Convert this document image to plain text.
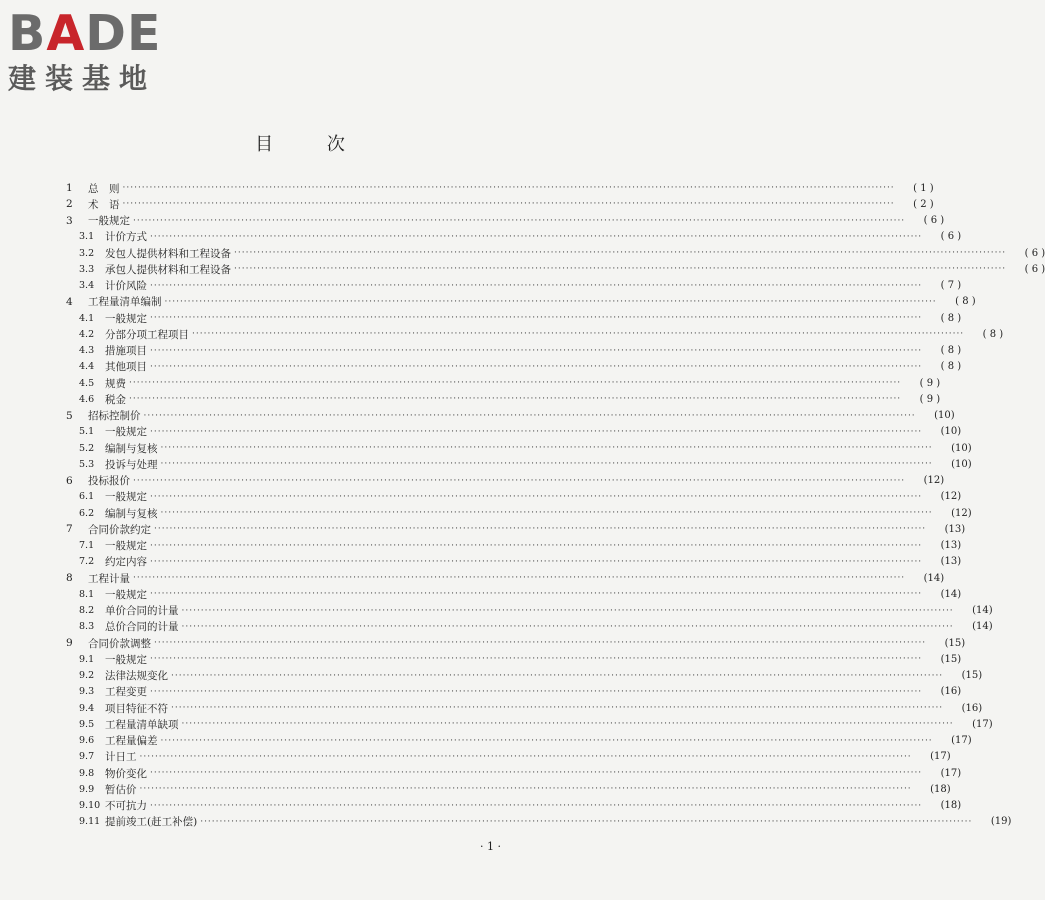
BADE
建装基地
目 次
1	总　则 ········································································································································································································	( 1 )
2	术　语 ········································································································································································································	( 2 )
3	一般规定 ········································································································································································································	( 6 )
3.1	计价方式 ········································································································································································································	( 6 )
3.2	发包人提供材料和工程设备 ········································································································································································································	( 6 )
3.3	承包人提供材料和工程设备 ········································································································································································································	( 6 )
3.4	计价风险 ········································································································································································································	( 7 )
4	工程量清单编制 ········································································································································································································	( 8 )
4.1	一般规定 ········································································································································································································	( 8 )
4.2	分部分项工程项目 ········································································································································································································	( 8 )
4.3	措施项目 ········································································································································································································	( 8 )
4.4	其他项目 ········································································································································································································	( 8 )
4.5	规费 ········································································································································································································	( 9 )
4.6	税金 ········································································································································································································	( 9 )
5	招标控制价 ········································································································································································································	(10)
5.1	一般规定 ········································································································································································································	(10)
5.2	编制与复核 ········································································································································································································	(10)
5.3	投诉与处理 ········································································································································································································	(10)
6	投标报价 ········································································································································································································	(12)
6.1	一般规定 ········································································································································································································	(12)
6.2	编制与复核 ········································································································································································································	(12)
7	合同价款约定 ········································································································································································································	(13)
7.1	一般规定 ········································································································································································································	(13)
7.2	约定内容 ········································································································································································································	(13)
8	工程计量 ········································································································································································································	(14)
8.1	一般规定 ········································································································································································································	(14)
8.2	单价合同的计量 ········································································································································································································	(14)
8.3	总价合同的计量 ········································································································································································································	(14)
9	合同价款调整 ········································································································································································································	(15)
9.1	一般规定 ········································································································································································································	(15)
9.2	法律法规变化 ········································································································································································································	(15)
9.3	工程变更 ········································································································································································································	(16)
9.4	项目特征不符 ········································································································································································································	(16)
9.5	工程量清单缺项 ········································································································································································································	(17)
9.6	工程量偏差 ········································································································································································································	(17)
9.7	计日工 ········································································································································································································	(17)
9.8	物价变化 ········································································································································································································	(17)
9.9	暂估价 ········································································································································································································	(18)
9.10 不可抗力 ········································································································································································································	(18)
9.11 提前竣工(赶工补偿) ········································································································································································································	(19)
· 1 ·
